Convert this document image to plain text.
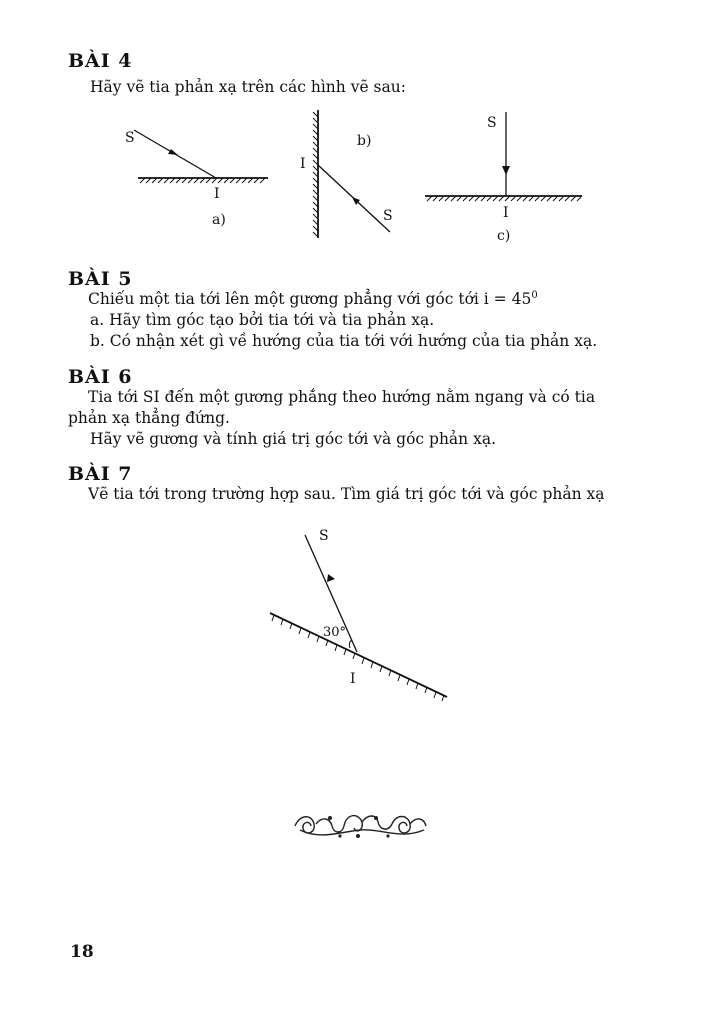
BÀI 4
Hãy vẽ tia phản xạ trên các hình vẽ sau:
S
I
a)
I
S
b)
S
I
c)
BÀI 5
Chiếu một tia tới lên một gương phẳng với góc tới $i = 45^0$
a. Hãy tìm góc tạo bởi tia tới và tia phản xạ.
b. Có nhận xét gì về hướng của tia tới với hướng của tia phản xạ.
BÀI 6
Tia tới SI đến một gương phẳng theo hướng nằm ngang và có tia
phản xạ thẳng đứng.
Hãy vẽ gương và tính giá trị góc tới và góc phản xạ.
BÀI 7
Vẽ tia tới trong trường hợp sau. Tìm giá trị góc tới và góc phản xạ
S
30°
I
18
